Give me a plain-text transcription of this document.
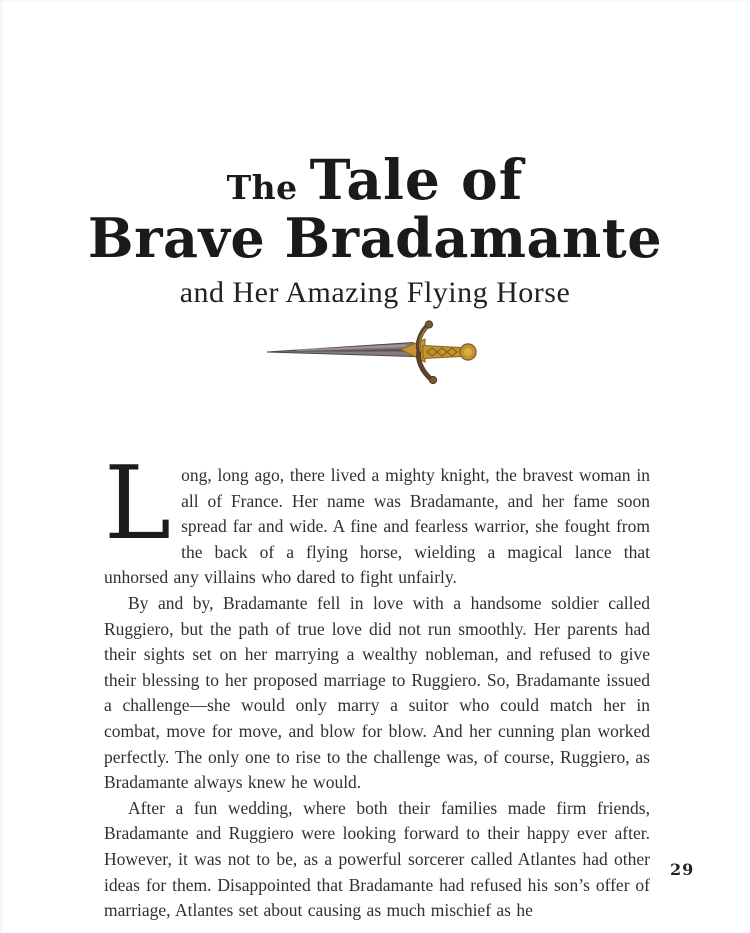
The Tale of
Brave Bradamante
and Her Amazing Flying Horse

Long, long ago, there lived a mighty knight, the bravest woman in all of France. Her name was Bradamante, and her fame soon spread far and wide. A fine and fearless warrior, she fought from the back of a flying horse, wielding a magical lance that unhorsed any villains who dared to fight unfairly.

By and by, Bradamante fell in love with a handsome soldier called Ruggiero, but the path of true love did not run smoothly. Her parents had their sights set on her marrying a wealthy nobleman, and refused to give their blessing to her proposed marriage to Ruggiero. So, Bradamante issued a challenge—she would only marry a suitor who could match her in combat, move for move, and blow for blow. And her cunning plan worked perfectly. The only one to rise to the challenge was, of course, Ruggiero, as Bradamante always knew he would.

After a fun wedding, where both their families made firm friends, Bradamante and Ruggiero were looking forward to their happy ever after. However, it was not to be, as a powerful sorcerer called Atlantes had other ideas for them. Disappointed that Bradamante had refused his son’s offer of marriage, Atlantes set about causing as much mischief as he

29
